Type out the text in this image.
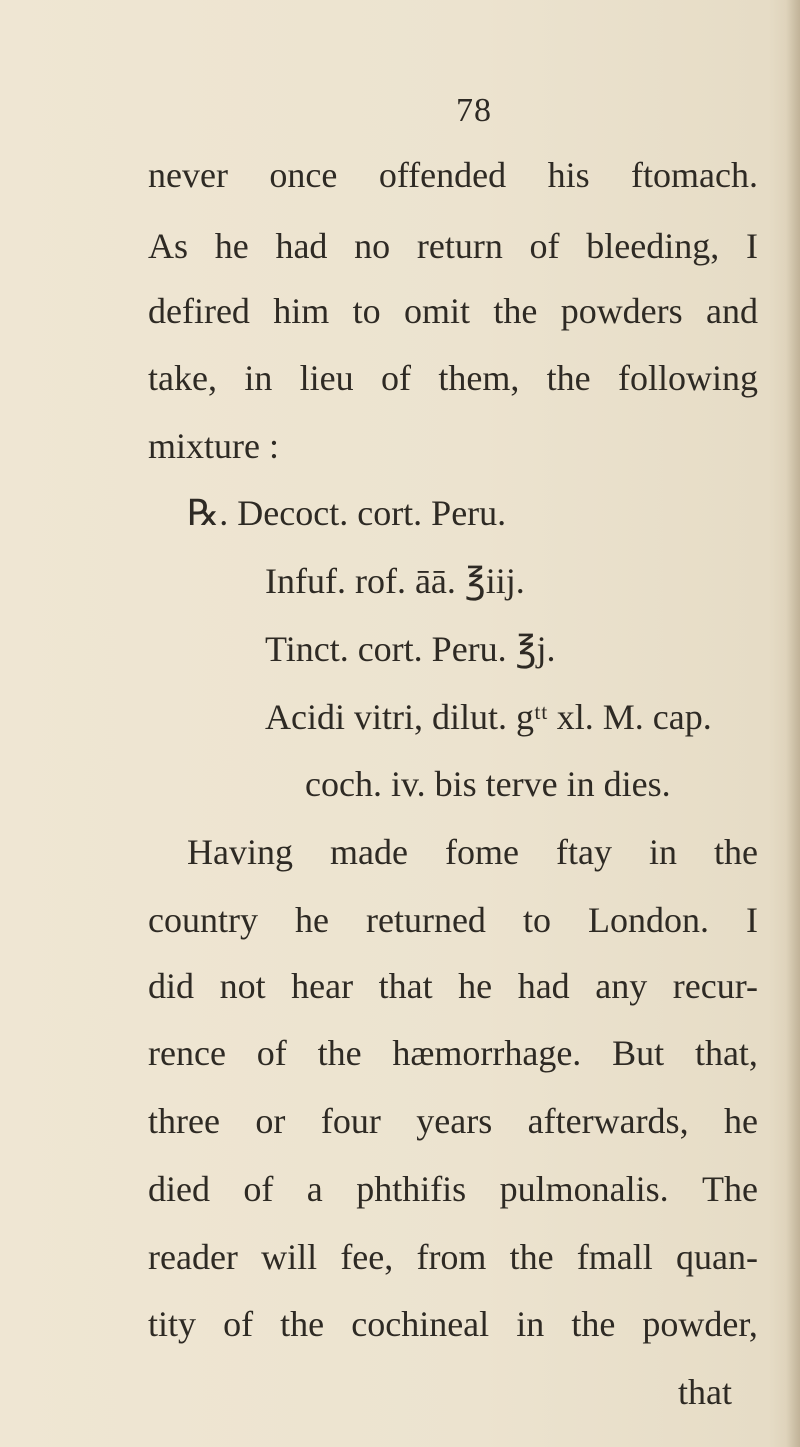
78
never once offended his ftomach.
As he had no return of bleeding, I
defired him to omit the powders and
take, in lieu of them, the following
mixture :
℞. Decoct. cort. Peru.
Infuf. rof. āā. ℥iij.
Tinct. cort. Peru. ℥j.
Acidi vitri, dilut. gᵗᵗ xl. M. cap.
coch. iv. bis terve in dies.
Having made fome ftay in the
country he returned to London. I
did not hear that he had any recur-
rence of the hæmorrhage. But that,
three or four years afterwards, he
died of a phthifis pulmonalis. The
reader will fee, from the fmall quan-
tity of the cochineal in the powder,
that
